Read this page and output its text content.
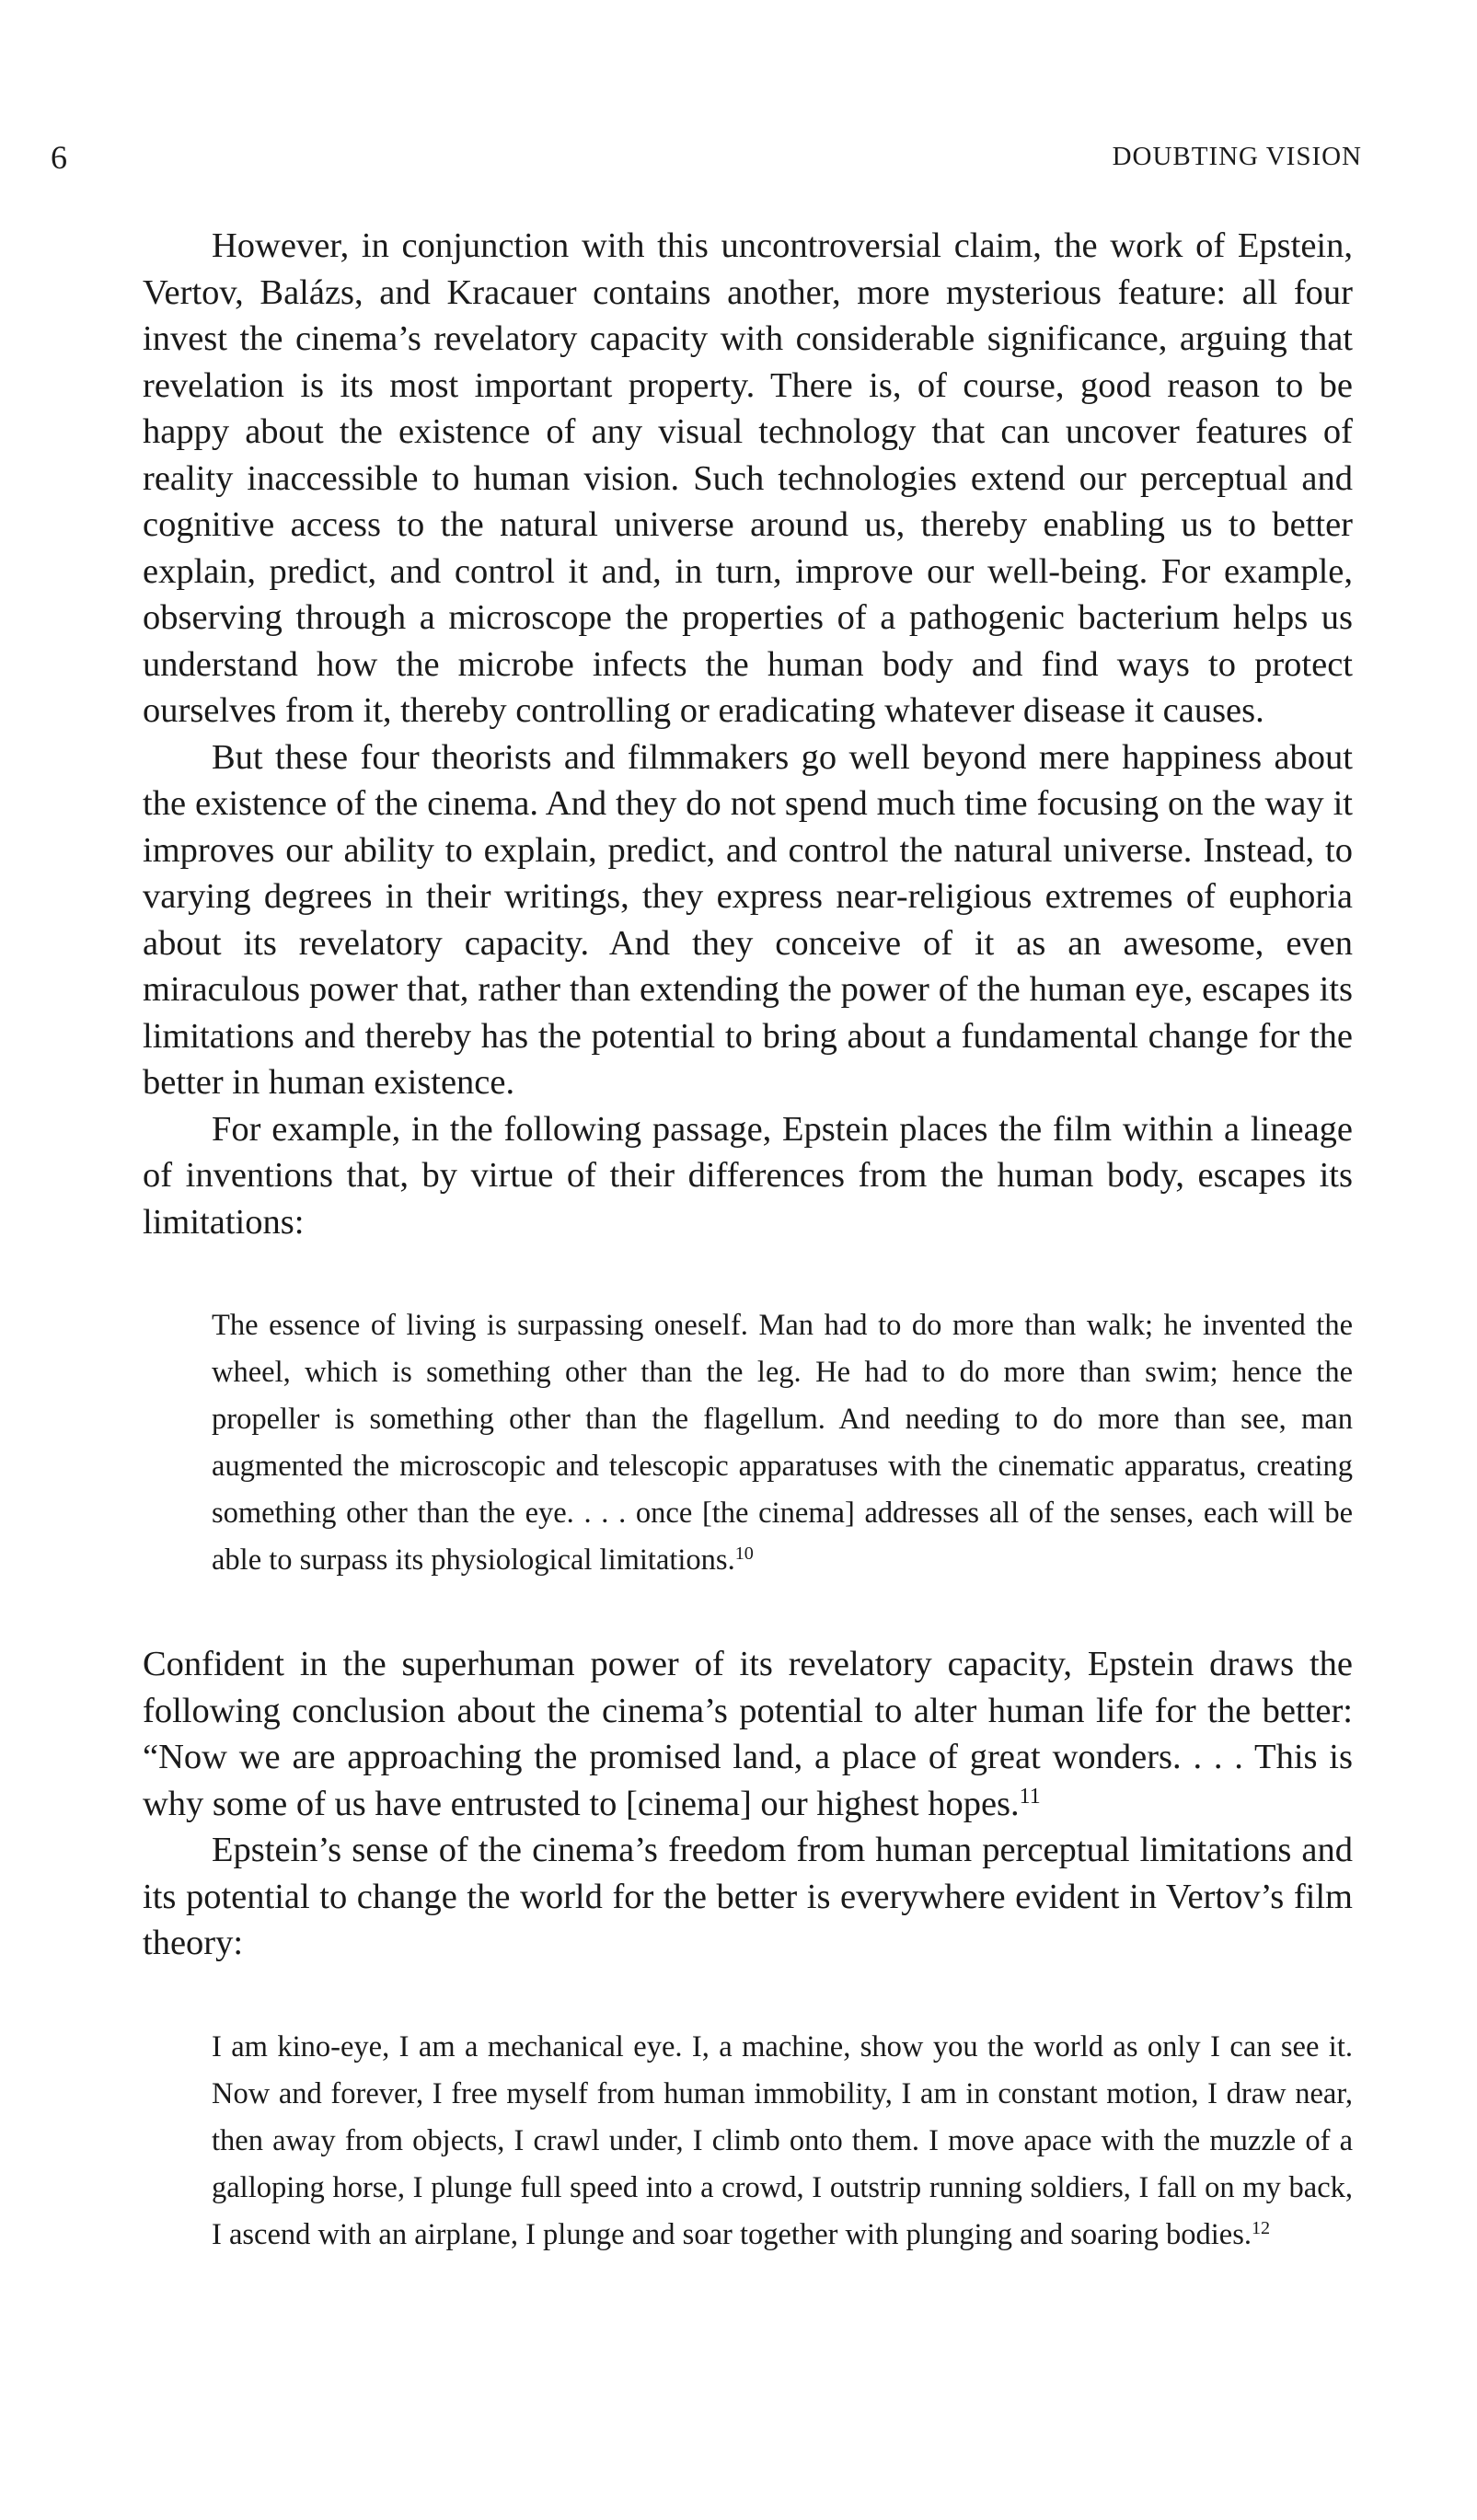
6	DOUBTING VISION

However, in conjunction with this uncontroversial claim, the work of Epstein, Vertov, Balázs, and Kracauer contains another, more mysterious feature: all four invest the cinema’s revelatory capacity with considerable significance, arguing that revelation is its most important property. There is, of course, good reason to be happy about the existence of any visual technology that can uncover features of reality inaccessible to human vision. Such technologies extend our perceptual and cognitive access to the natural universe around us, thereby enabling us to better explain, predict, and control it and, in turn, improve our well-being. For example, observing through a microscope the properties of a pathogenic bacterium helps us understand how the microbe infects the human body and find ways to protect ourselves from it, thereby controlling or eradicating whatever disease it causes.

But these four theorists and filmmakers go well beyond mere happiness about the existence of the cinema. And they do not spend much time focusing on the way it improves our ability to explain, predict, and control the natural universe. Instead, to varying degrees in their writings, they express near-religious extremes of euphoria about its revelatory capacity. And they conceive of it as an awesome, even miraculous power that, rather than extending the power of the human eye, escapes its limitations and thereby has the potential to bring about a fundamental change for the better in human existence.

For example, in the following passage, Epstein places the film within a lineage of inventions that, by virtue of their differences from the human body, escapes its limitations:

The essence of living is surpassing oneself. Man had to do more than walk; he invented the wheel, which is something other than the leg. He had to do more than swim; hence the propeller is something other than the flagellum. And needing to do more than see, man augmented the microscopic and telescopic apparatuses with the cinematic apparatus, creating something other than the eye. . . . once [the cinema] addresses all of the senses, each will be able to surpass its physiological limitations.$^{10}$

Confident in the superhuman power of its revelatory capacity, Epstein draws the following conclusion about the cinema’s potential to alter human life for the better: “Now we are approaching the promised land, a place of great wonders. . . . This is why some of us have entrusted to [cinema] our highest hopes.$^{11}$

Epstein’s sense of the cinema’s freedom from human perceptual limitations and its potential to change the world for the better is everywhere evident in Vertov’s film theory:

I am kino-eye, I am a mechanical eye. I, a machine, show you the world as only I can see it. Now and forever, I free myself from human immobility, I am in constant motion, I draw near, then away from objects, I crawl under, I climb onto them. I move apace with the muzzle of a galloping horse, I plunge full speed into a crowd, I outstrip running soldiers, I fall on my back, I ascend with an airplane, I plunge and soar together with plunging and soaring bodies.$^{12}$
